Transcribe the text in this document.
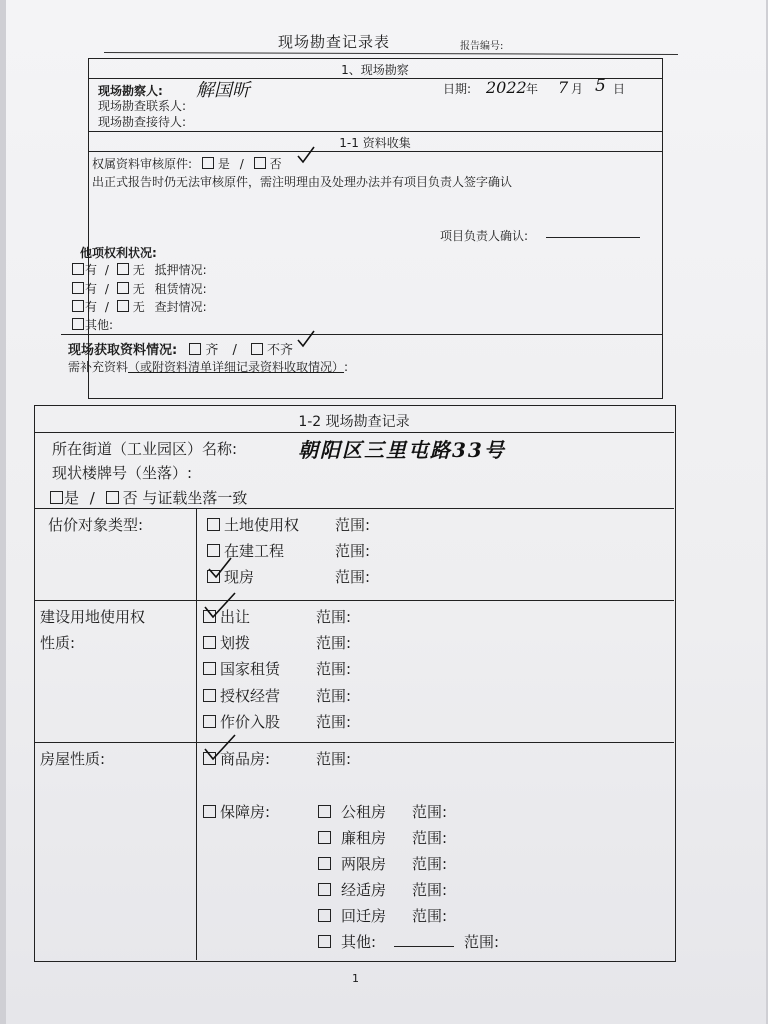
现场勘查记录表	报告编号:
1、现场勘察
现场勘察人: 解国昕
现场勘查联系人:
现场勘查接待人:
日期: 2022 年 7 月 5 日
1-1 资料收集
权属资料审核原件: 是 / 否
出正式报告时仍无法审核原件，需注明理由及处理办法并有项目负责人签字确认
项目负责人确认:
他项权利状况:
有 / 无 抵押情况:
有 / 无 租赁情况:
有 / 无 查封情况:
其他:
现场获取资料情况: 齐 / 不齐
需补充资料（或附资料清单详细记录资料收取情况）:
1-2 现场勘查记录
所在街道（工业园区）名称:	朝阳区三里屯路33号
现状楼牌号（坐落）:
是 / 否 与证载坐落一致
估价对象类型:	土地使用权 范围:
在建工程	范围:
现房	范围:
建设用地使用权
性质:
出让	范围:
划拨	范围:
国家租赁 范围:
授权经营 范围:
作价入股 范围:
房屋性质:	商品房:	范围:
保障房:	公租房 范围:
廉租房 范围:
两限房 范围:
经适房 范围:
回迁房 范围:
其他:	范围:
1
